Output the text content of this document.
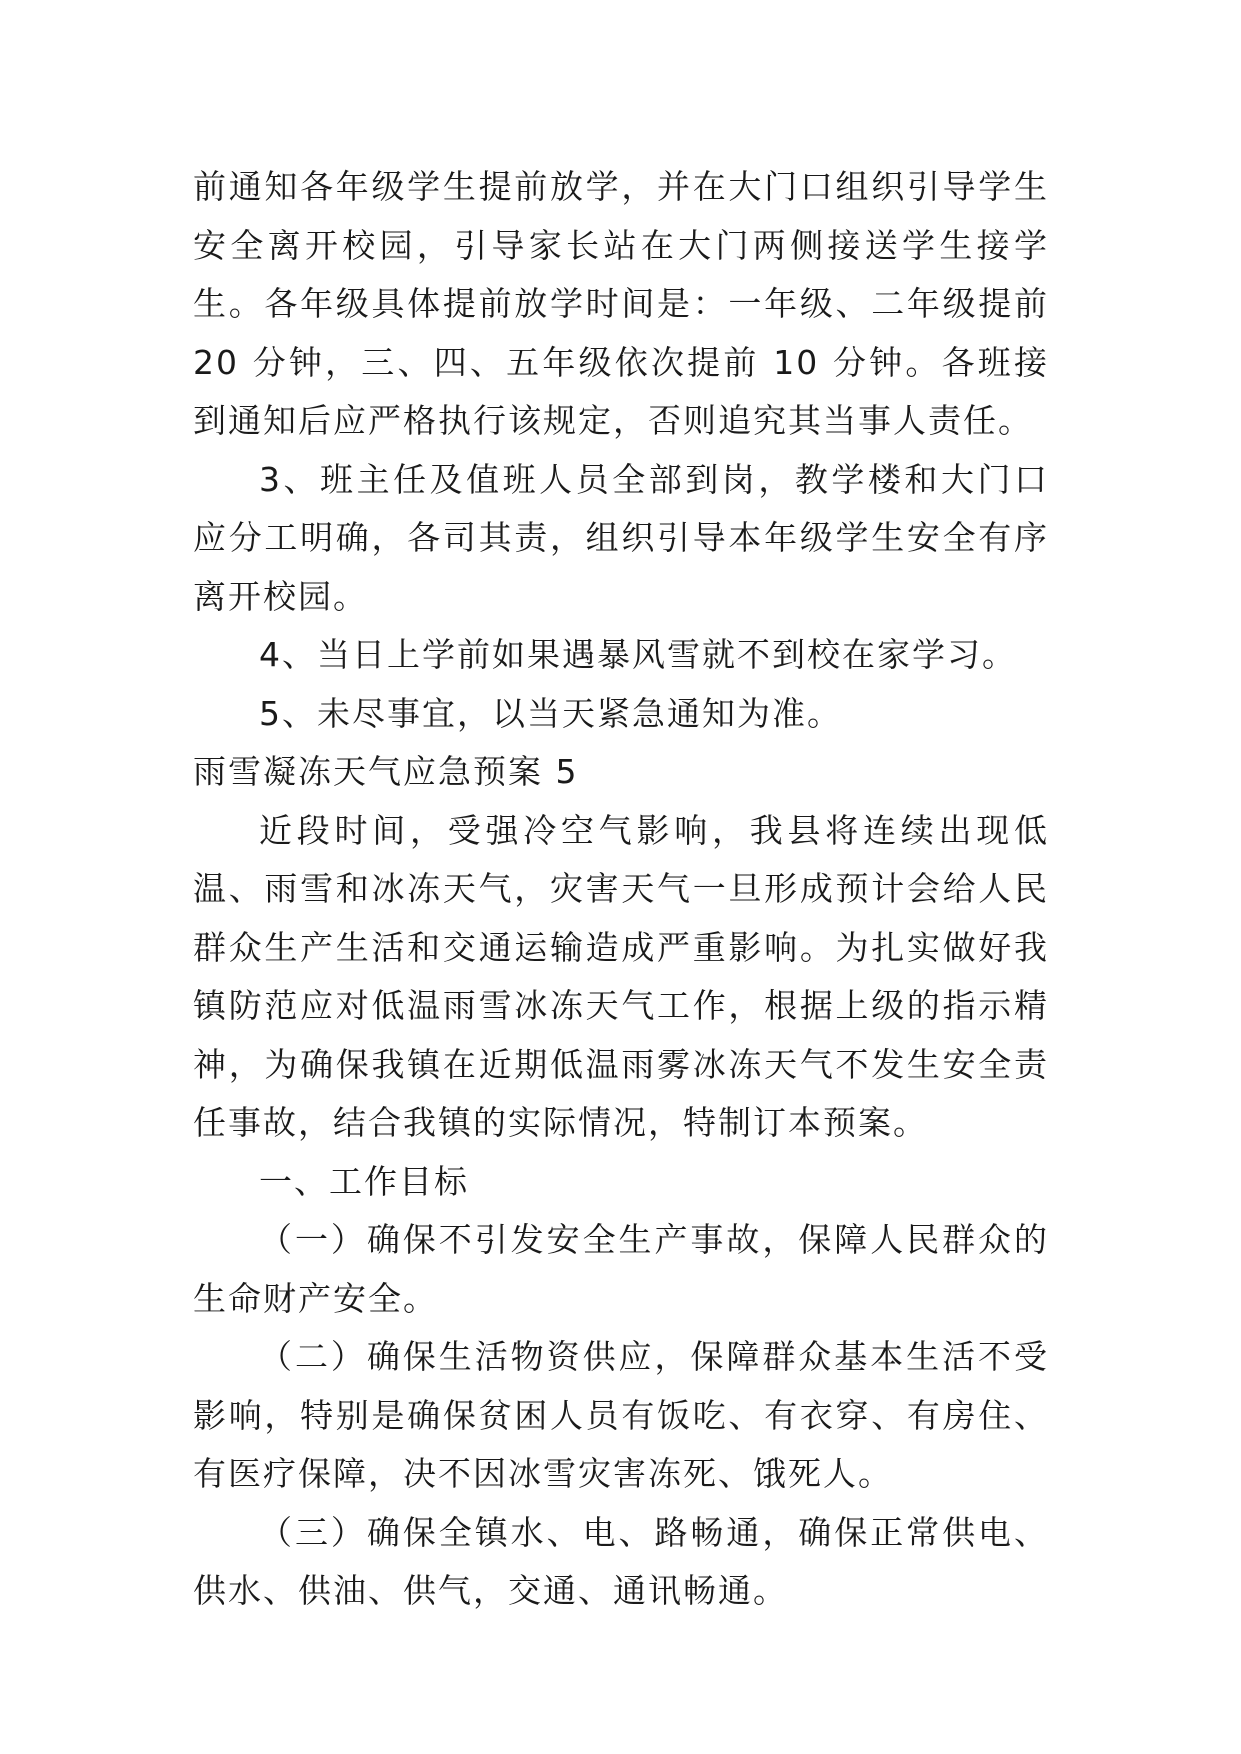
前通知各年级学生提前放学，并在大门口组织引导学生安全离开校园，引导家长站在大门两侧接送学生接学生。各年级具体提前放学时间是：一年级、二年级提前 20 分钟，三、四、五年级依次提前 10 分钟。各班接到通知后应严格执行该规定，否则追究其当事人责任。

3、班主任及值班人员全部到岗，教学楼和大门口应分工明确，各司其责，组织引导本年级学生安全有序离开校园。

4、当日上学前如果遇暴风雪就不到校在家学习。

5、未尽事宜，以当天紧急通知为准。

雨雪凝冻天气应急预案 5

近段时间，受强冷空气影响，我县将连续出现低温、雨雪和冰冻天气，灾害天气一旦形成预计会给人民群众生产生活和交通运输造成严重影响。为扎实做好我镇防范应对低温雨雪冰冻天气工作，根据上级的指示精神，为确保我镇在近期低温雨雾冰冻天气不发生安全责任事故，结合我镇的实际情况，特制订本预案。

一、工作目标

（一）确保不引发安全生产事故，保障人民群众的生命财产安全。

（二）确保生活物资供应，保障群众基本生活不受影响，特别是确保贫困人员有饭吃、有衣穿、有房住、有医疗保障，决不因冰雪灾害冻死、饿死人。

（三）确保全镇水、电、路畅通，确保正常供电、供水、供油、供气，交通、通讯畅通。
